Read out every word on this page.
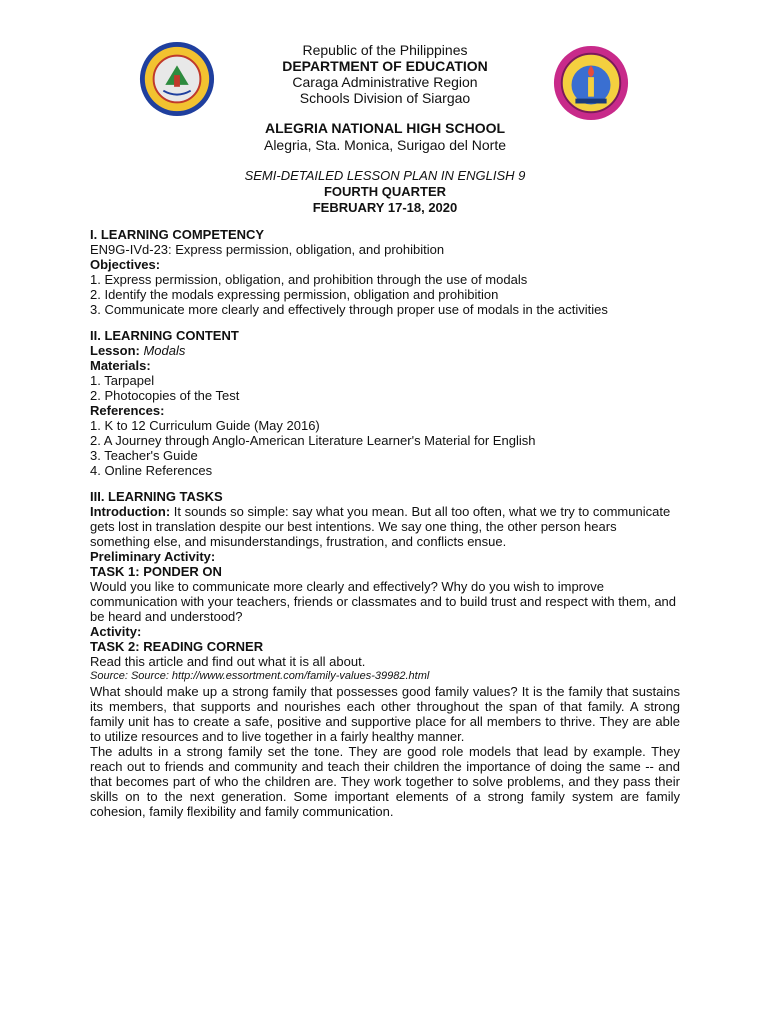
Republic of the Philippines
DEPARTMENT OF EDUCATION
Caraga Administrative Region
Schools Division of Siargao
ALEGRIA NATIONAL HIGH SCHOOL
Alegria, Sta. Monica, Surigao del Norte
SEMI-DETAILED LESSON PLAN IN ENGLISH 9
FOURTH QUARTER
FEBRUARY 17-18, 2020

I. LEARNING COMPETENCY

EN9G-IVd-23: Express permission, obligation, and prohibition

Objectives:

1. Express permission, obligation, and prohibition through the use of modals

2. Identify the modals expressing permission, obligation and prohibition

3. Communicate more clearly and effectively through proper use of modals in the activities

II. LEARNING CONTENT

Lesson: Modals

Materials:

1. Tarpapel

2. Photocopies of the Test

References:

1. K to 12 Curriculum Guide (May 2016)

2. A Journey through Anglo-American Literature Learner's Material for English

3. Teacher's Guide

4. Online References

III. LEARNING TASKS

Introduction: It sounds so simple: say what you mean. But all too often, what we try to communicate gets lost in translation despite our best intentions. We say one thing, the other person hears something else, and misunderstandings, frustration, and conflicts ensue.

Preliminary Activity:

TASK 1: PONDER ON

Would you like to communicate more clearly and effectively? Why do you wish to improve communication with your teachers, friends or classmates and to build trust and respect with them, and be heard and understood?

Activity:

TASK 2: READING CORNER

Read this article and find out what it is all about.

Source: Source: http://www.essortment.com/family-values-39982.html

What should make up a strong family that possesses good family values? It is the family that sustains its members, that supports and nourishes each other throughout the span of that family. A strong family unit has to create a safe, positive and supportive place for all members to thrive. They are able to utilize resources and to live together in a fairly healthy manner.

The adults in a strong family set the tone. They are good role models that lead by example. They reach out to friends and community and teach their children the importance of doing the same -- and that becomes part of who the children are. They work together to solve problems, and they pass their skills on to the next generation. Some important elements of a strong family system are family cohesion, family flexibility and family communication.
